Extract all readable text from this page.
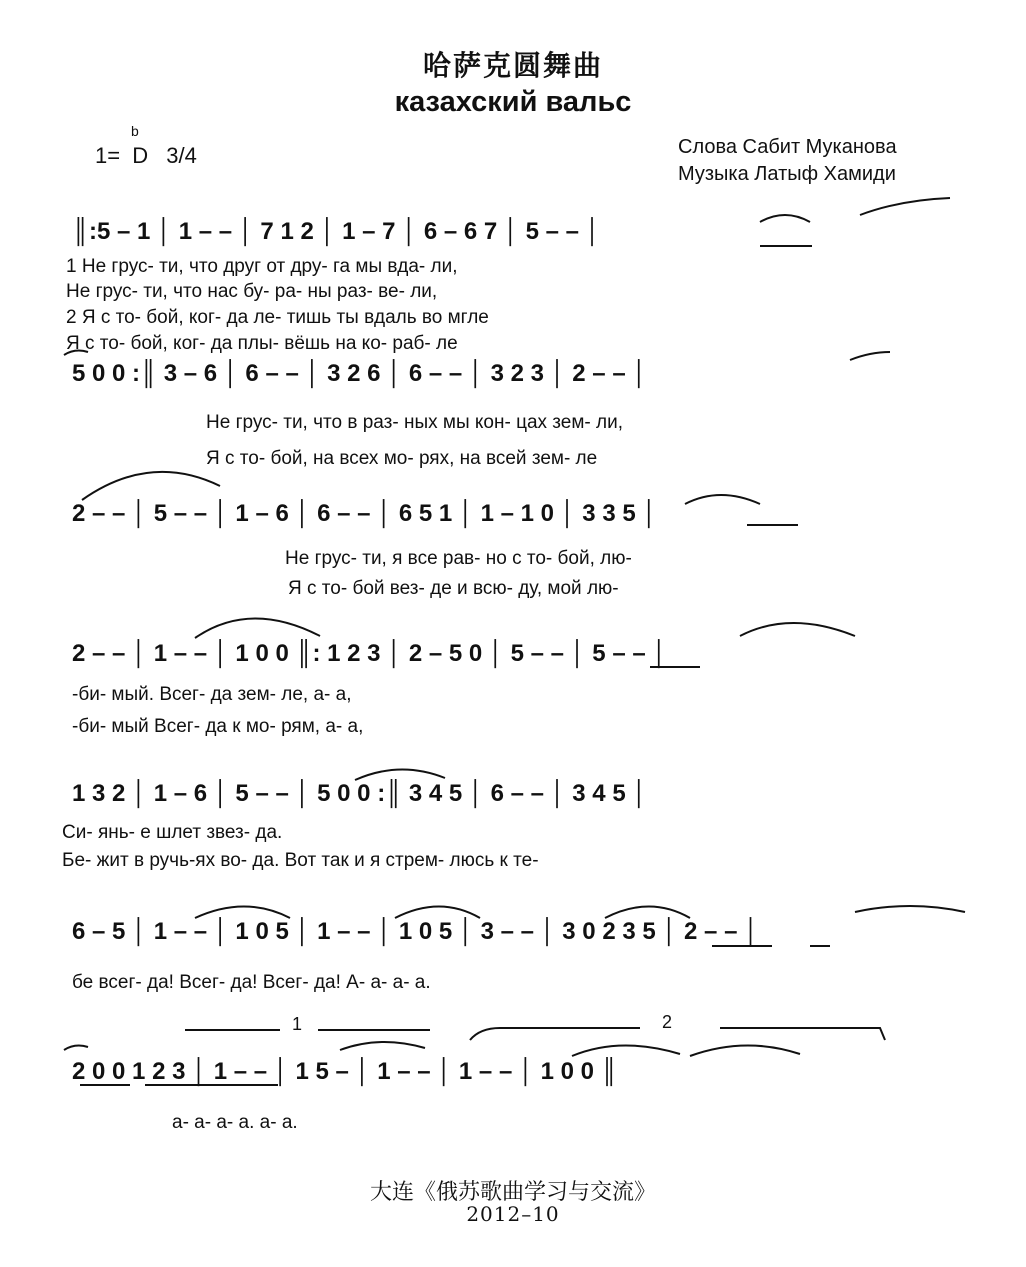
哈萨克圆舞曲
казахский вальс
1= D 3/4
b
Слова Сабит Муканова
Музыка Латыф Хамиди
║:5 – 1 │ 1 – – │ 7 1 2 │ 1 – 7 │ 6 – 6 7 │ 5 – – │
1 Не грус- ти, что друг от дру- га мы вда- ли,
Не грус- ти, что нас бу- ра- ны раз- ве- ли,
2 Я с то- бой, ког- да ле- тишь ты вдаль во мгле
Я с то- бой, ког- да плы- вёшь на ко- раб- ле
5 0 0 :║ 3 – 6 │ 6 – – │ 3 2 6 │ 6 – – │ 3 2 3 │ 2 – – │
Не грус- ти, что в раз- ных мы кон- цах зем- ли,
Я с то- бой, на всех мо- рях, на всей зем- ле
2 – – │ 5 – – │ 1 – 6 │ 6 – – │ 6 5 1 │ 1 – 1 0 │ 3 3 5 │
Не грус- ти, я все рав- но с то- бой, лю-
Я с то- бой вез- де и всю- ду, мой лю-
2 – – │ 1 – – │ 1 0 0 ║: 1 2 3 │ 2 – 5 0 │ 5 – – │ 5 – – │
-би- мый. Всег- да зем- ле, а- а,
-би- мый Всег- да к мо- рям, а- а,
1 3 2 │ 1 – 6 │ 5 – – │ 5 0 0 :║ 3 4 5 │ 6 – – │ 3 4 5 │
Си- янь- е шлет звез- да.
Бе- жит в ручь-ях во- да. Вот так и я стрем- люсь к те-
6 – 5 │ 1 – – │ 1 0 5 │ 1 – – │ 1 0 5 │ 3 – – │ 3 0 2 3 5 │ 2 – – │
бе всег- да! Всег- да! Всег- да! А- а- а- а.
1	2
2 0 0 1 2 3 │ 1 – – │ 1 5 – │ 1 – – │ 1 – – │ 1 0 0 ║
а- а- а- а. а- а.
大连《俄苏歌曲学习与交流》
2012–10
